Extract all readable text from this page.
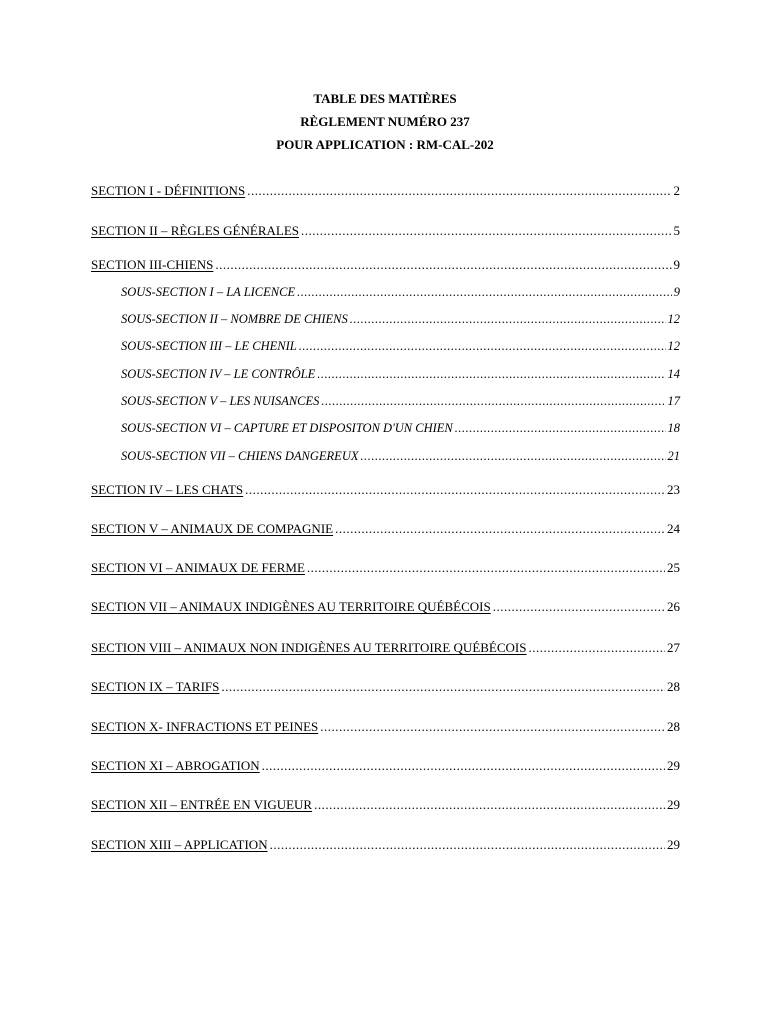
TABLE DES MATIÈRES
RÈGLEMENT NUMÉRO 237
POUR APPLICATION : RM-CAL-202
SECTION I - DÉFINITIONS .....	2
SECTION II – RÈGLES GÉNÉRALES .....	5
SECTION III-CHIENS .....	9
SOUS-SECTION I – LA LICENCE .....	9
SOUS-SECTION II – NOMBRE DE CHIENS .....	12
SOUS-SECTION III – LE CHENIL .....	12
SOUS-SECTION IV – LE CONTRÔLE .....	14
SOUS-SECTION V – LES NUISANCES .....	17
SOUS-SECTION VI – CAPTURE ET DISPOSITON D'UN CHIEN .....	18
SOUS-SECTION VII – CHIENS DANGEREUX .....	21
SECTION IV – LES CHATS .....	23
SECTION V – ANIMAUX DE COMPAGNIE .....	24
SECTION VI – ANIMAUX DE FERME .....	25
SECTION VII – ANIMAUX INDIGÈNES AU TERRITOIRE QUÉBÉCOIS .....	26
SECTION VIII – ANIMAUX NON INDIGÈNES AU TERRITOIRE QUÉBÉCOIS .....	27
SECTION IX – TARIFS .....	28
SECTION X- INFRACTIONS ET PEINES .....	28
SECTION XI – ABROGATION .....	29
SECTION XII – ENTRÉE EN VIGUEUR .....	29
SECTION XIII – APPLICATION .....	29
